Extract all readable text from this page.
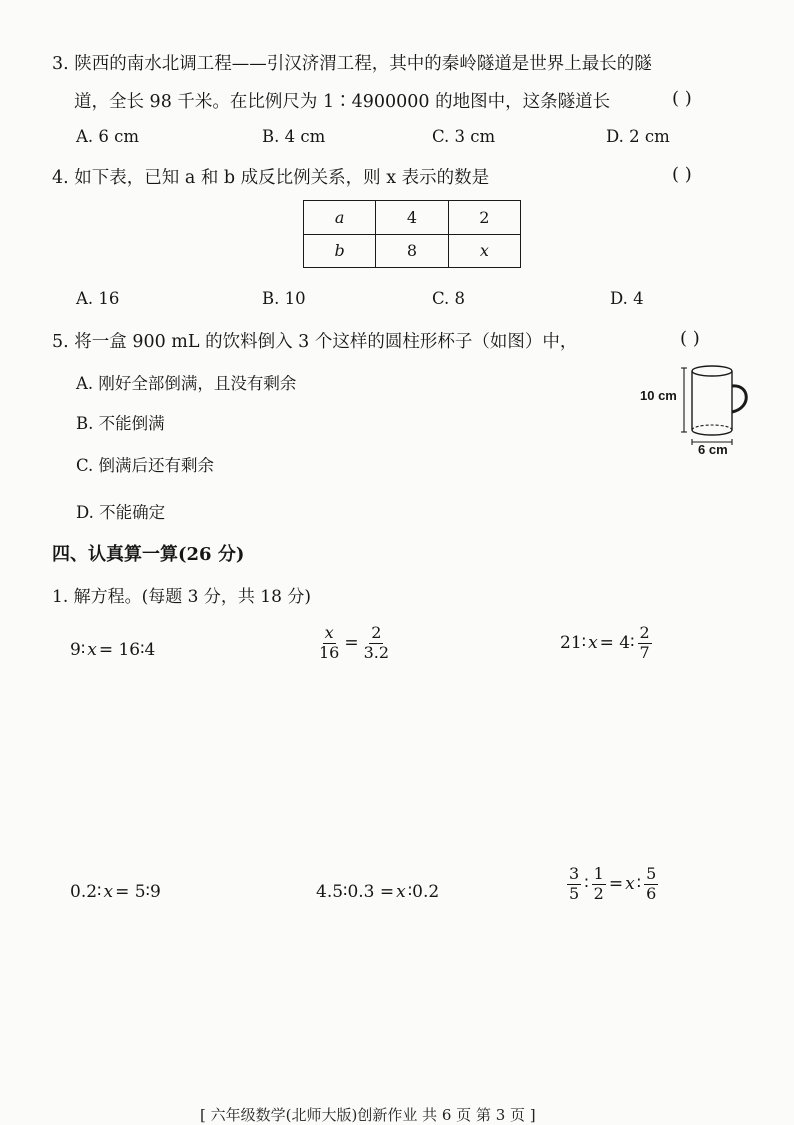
3. 陕西的南水北调工程——引汉济渭工程，其中的秦岭隧道是世界上最长的隧
道，全长 98 千米。在比例尺为 1∶4900000 的地图中，这条隧道长	( )
A. 6 cm	B. 4 cm	C. 3 cm	D. 2 cm
4. 如下表，已知 a 和 b 成反比例关系，则 x 表示的数是	( )
a	4	2
b	8	x
A. 16	B. 10	C. 8	D. 4
5. 将一盒 900 mL 的饮料倒入 3 个这样的圆柱形杯子（如图）中，	( )
A. 刚好全部倒满，且没有剩余
B. 不能倒满
C. 倒满后还有剩余
D. 不能确定
10 cm
6 cm
四、认真算一算(26 分)
1. 解方程。(每题 3 分，共 18 分)
9∶ x = 16∶4	$\frac{x}{16} = \frac{2}{3.2}$	21∶ x = 4∶ $\frac{2}{7}$
0.2∶ x = 5∶9	4.5∶0.3 = x ∶0.2	$\frac{3}{5}$ ∶ $\frac{1}{2} = x$ ∶ $\frac{5}{6}$
[ 六年级数学(北师大版)创新作业 共 6 页 第 3 页 ]
